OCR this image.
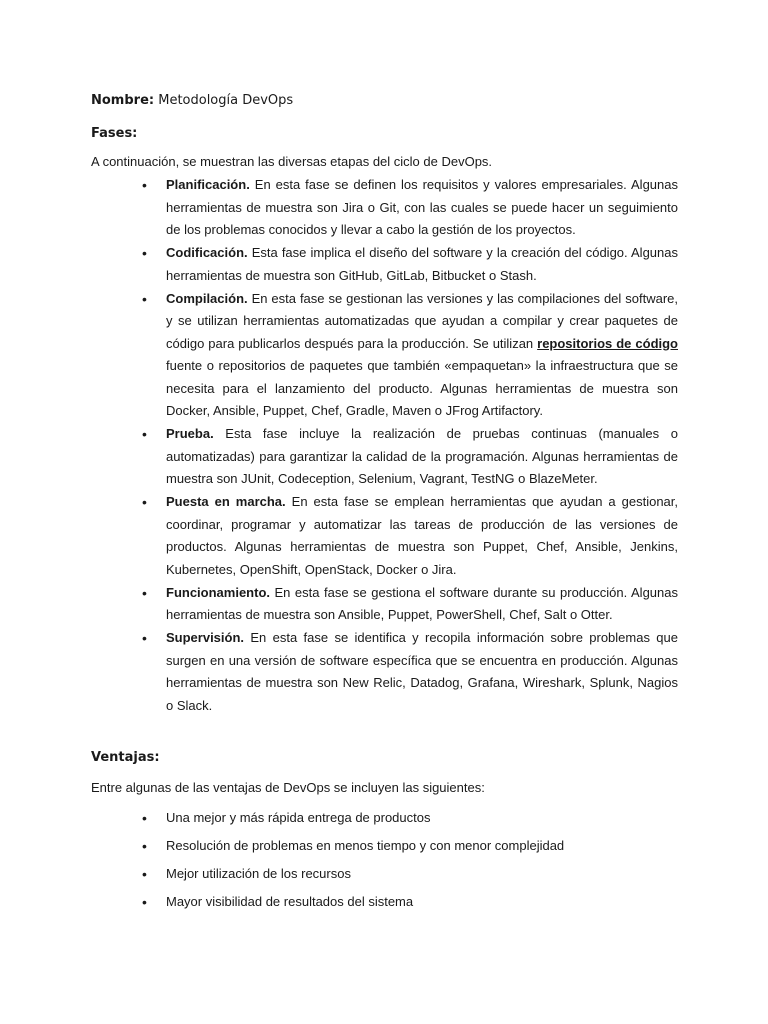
Nombre: Metodología DevOps
Fases:
A continuación, se muestran las diversas etapas del ciclo de DevOps.
• Planificación. En esta fase se definen los requisitos y valores empresariales. Algunas herramientas de muestra son Jira o Git, con las cuales se puede hacer un seguimiento de los problemas conocidos y llevar a cabo la gestión de los proyectos.
• Codificación. Esta fase implica el diseño del software y la creación del código. Algunas herramientas de muestra son GitHub, GitLab, Bitbucket o Stash.
• Compilación. En esta fase se gestionan las versiones y las compilaciones del software, y se utilizan herramientas automatizadas que ayudan a compilar y crear paquetes de código para publicarlos después para la producción. Se utilizan repositorios de código fuente o repositorios de paquetes que también «empaquetan» la infraestructura que se necesita para el lanzamiento del producto. Algunas herramientas de muestra son Docker, Ansible, Puppet, Chef, Gradle, Maven o JFrog Artifactory.
• Prueba. Esta fase incluye la realización de pruebas continuas (manuales o automatizadas) para garantizar la calidad de la programación. Algunas herramientas de muestra son JUnit, Codeception, Selenium, Vagrant, TestNG o BlazeMeter.
• Puesta en marcha. En esta fase se emplean herramientas que ayudan a gestionar, coordinar, programar y automatizar las tareas de producción de las versiones de productos. Algunas herramientas de muestra son Puppet, Chef, Ansible, Jenkins, Kubernetes, OpenShift, OpenStack, Docker o Jira.
• Funcionamiento. En esta fase se gestiona el software durante su producción. Algunas herramientas de muestra son Ansible, Puppet, PowerShell, Chef, Salt o Otter.
• Supervisión. En esta fase se identifica y recopila información sobre problemas que surgen en una versión de software específica que se encuentra en producción. Algunas herramientas de muestra son New Relic, Datadog, Grafana, Wireshark, Splunk, Nagios o Slack.
Ventajas:
Entre algunas de las ventajas de DevOps se incluyen las siguientes:
• Una mejor y más rápida entrega de productos
• Resolución de problemas en menos tiempo y con menor complejidad
• Mejor utilización de los recursos
• Mayor visibilidad de resultados del sistema
